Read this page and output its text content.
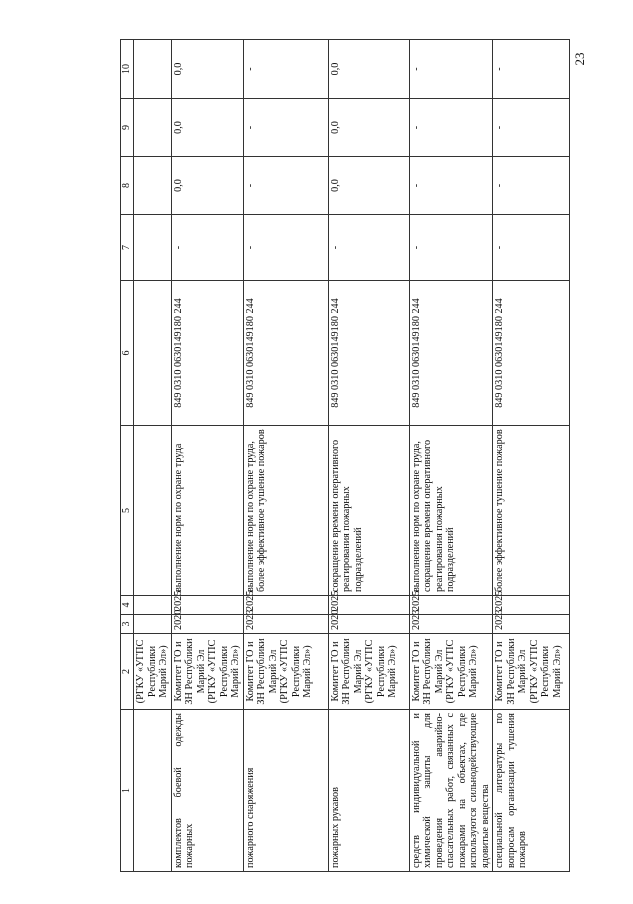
23
1	2	3	4	5	6	7	8	9	10
	(РГКУ «УГПС Республики Марий Эл»)								
комплектов боевой одежды пожарных	Комитет ГО и ЗН Республики Марий Эл (РГКУ «УГПС Республики Марий Эл»)	2020	2025	выполнение норм по охране труда	849 0310 0630149180 244	-	0,0	0,0	0,0
пожарного снаряжения	Комитет ГО и ЗН Республики Марий Эл (РГКУ «УГПС Республики Марий Эл»)	2023	2025	выполнение норм по охране труда, более эффективное тушение пожаров	849 0310 0630149180 244	-	-	-	-
пожарных рукавов	Комитет ГО и ЗН Республики Марий Эл (РГКУ «УГПС Республики Марий Эл»)	2020	2025	сокращение времени оперативного реагирования пожарных подразделений	849 0310 0630149180 244	-	0,0	0,0	0,0
средств индивидуальной и химической защиты для проведения аварийно-спасательных работ, связанных с пожарами на объектах, где используются сильнодействующие ядовитые вещества	Комитет ГО и ЗН Республики Марий Эл (РГКУ «УГПС Республики Марий Эл»)	2023	2025	выполнение норм по охране труда, сокращение времени оперативного реагирования пожарных подразделений	849 0310 0630149180 244	-	-	-	-
специальной литературы по вопросам организации тушения пожаров	Комитет ГО и ЗН Республики Марий Эл (РГКУ «УГПС Республики Марий Эл»)	2023	2025	более эффективное тушение пожаров	849 0310 0630149180 244	-	-	-	-
